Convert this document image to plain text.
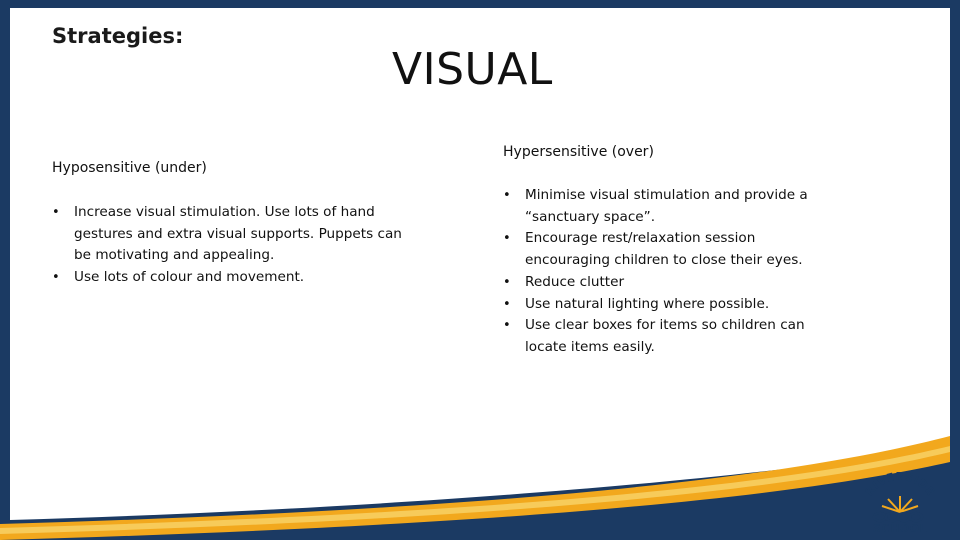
Strategies:
VISUAL
Hyposensitive (under)
• Increase visual stimulation. Use lots of hand gestures and extra visual supports. Puppets can be motivating and appealing.
• Use lots of colour and movement.
Hypersensitive (over)
• Minimise visual stimulation and provide a “sanctuary space”.
• Encourage rest/relaxation session encouraging children to close their eyes.
• Reduce clutter
• Use natural lighting where possible.
• Use clear boxes for items so children can locate items easily.
RIVERSIDE
SCHOOL
